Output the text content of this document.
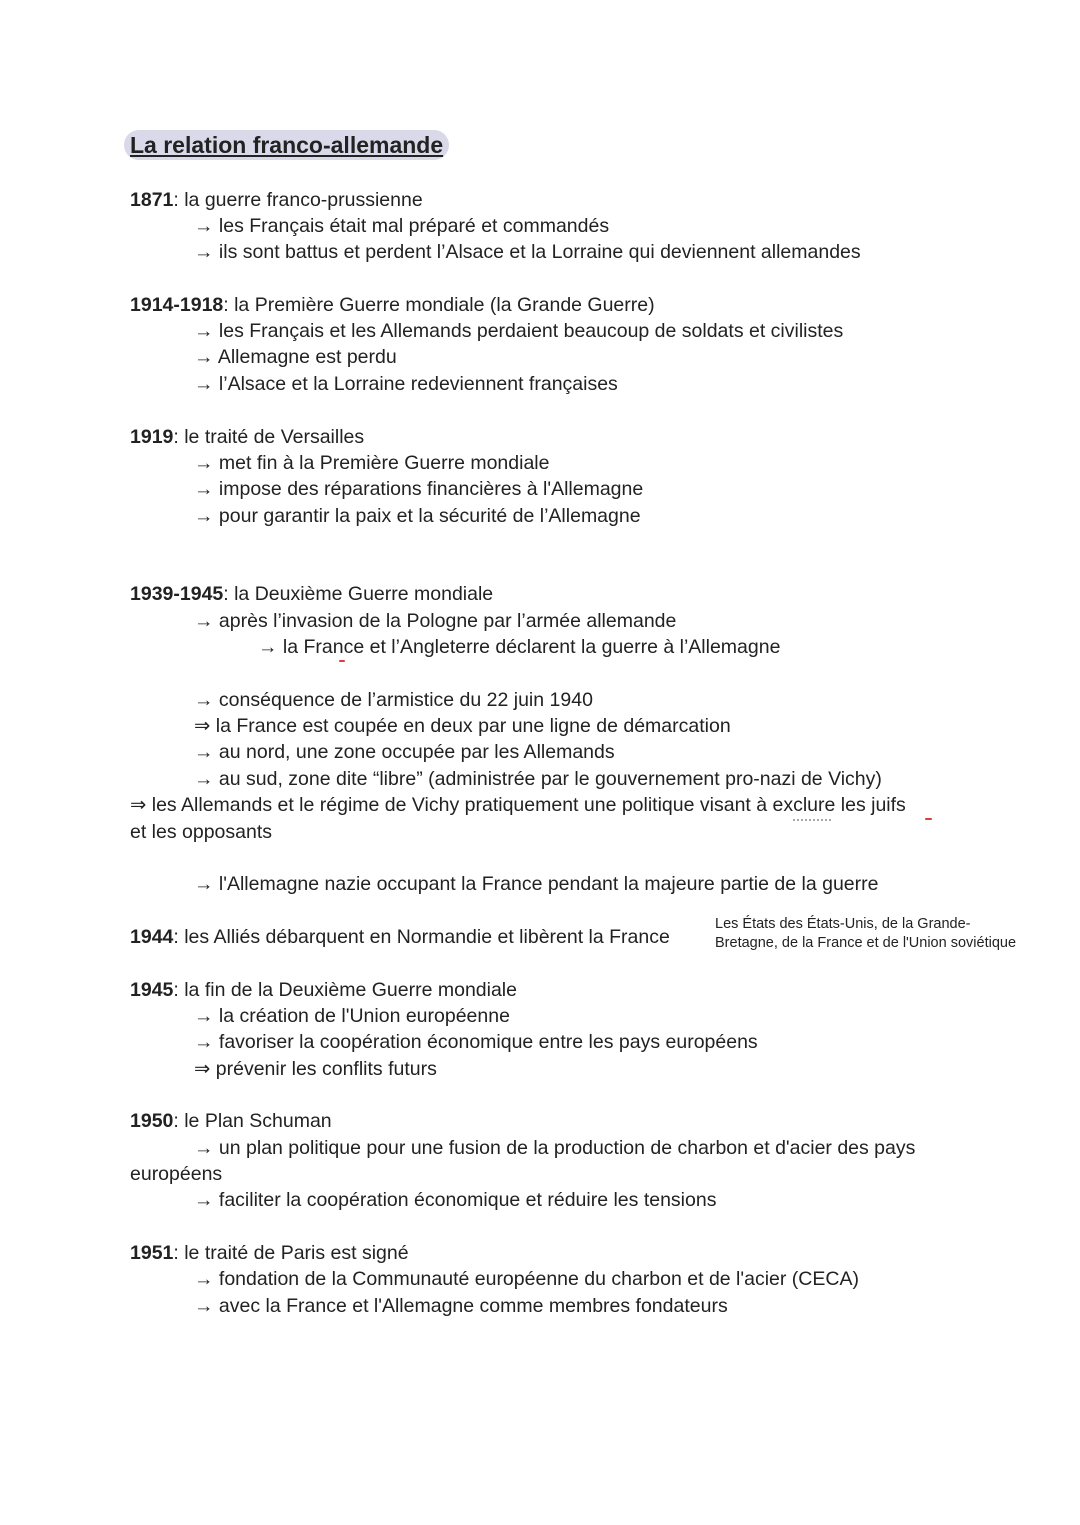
La relation franco-allemande
1871: la guerre franco-prussienne
→ les Français était mal préparé et commandés
→ ils sont battus et perdent l’Alsace et la Lorraine qui deviennent allemandes
1914-1918: la Première Guerre mondiale (la Grande Guerre)
→ les Français et les Allemands perdaient beaucoup de soldats et civilistes
→ Allemagne est perdu
→ l’Alsace et la Lorraine redeviennent françaises
1919: le traité de Versailles
→ met fin à la Première Guerre mondiale
→ impose des réparations financières à l'Allemagne
→ pour garantir la paix et la sécurité de l’Allemagne
1939-1945: la Deuxième Guerre mondiale
→ après l’invasion de la Pologne par l’armée allemande
→ la France et l’Angleterre déclarent la guerre à l’Allemagne
→ conséquence de l’armistice du 22 juin 1940
⇒ la France est coupée en deux par une ligne de démarcation
→ au nord, une zone occupée par les Allemands
→ au sud, zone dite “libre” (administrée par le gouvernement pro-nazi de Vichy)
⇒ les Allemands et le régime de Vichy pratiquement une politique visant à exclure les juifs
et les opposants
→ l'Allemagne nazie occupant la France pendant la majeure partie de la guerre
1944: les Alliés débarquent en Normandie et libèrent la France
Les États des États-Unis, de la Grande-
Bretagne, de la France et de l'Union soviétique
1945: la fin de la Deuxième Guerre mondiale
→ la création de l'Union européenne
→ favoriser la coopération économique entre les pays européens
⇒ prévenir les conflits futurs
1950: le Plan Schuman
→ un plan politique pour une fusion de la production de charbon et d'acier des pays
européens
→ faciliter la coopération économique et réduire les tensions
1951: le traité de Paris est signé
→ fondation de la Communauté européenne du charbon et de l'acier (CECA)
→ avec la France et l'Allemagne comme membres fondateurs
